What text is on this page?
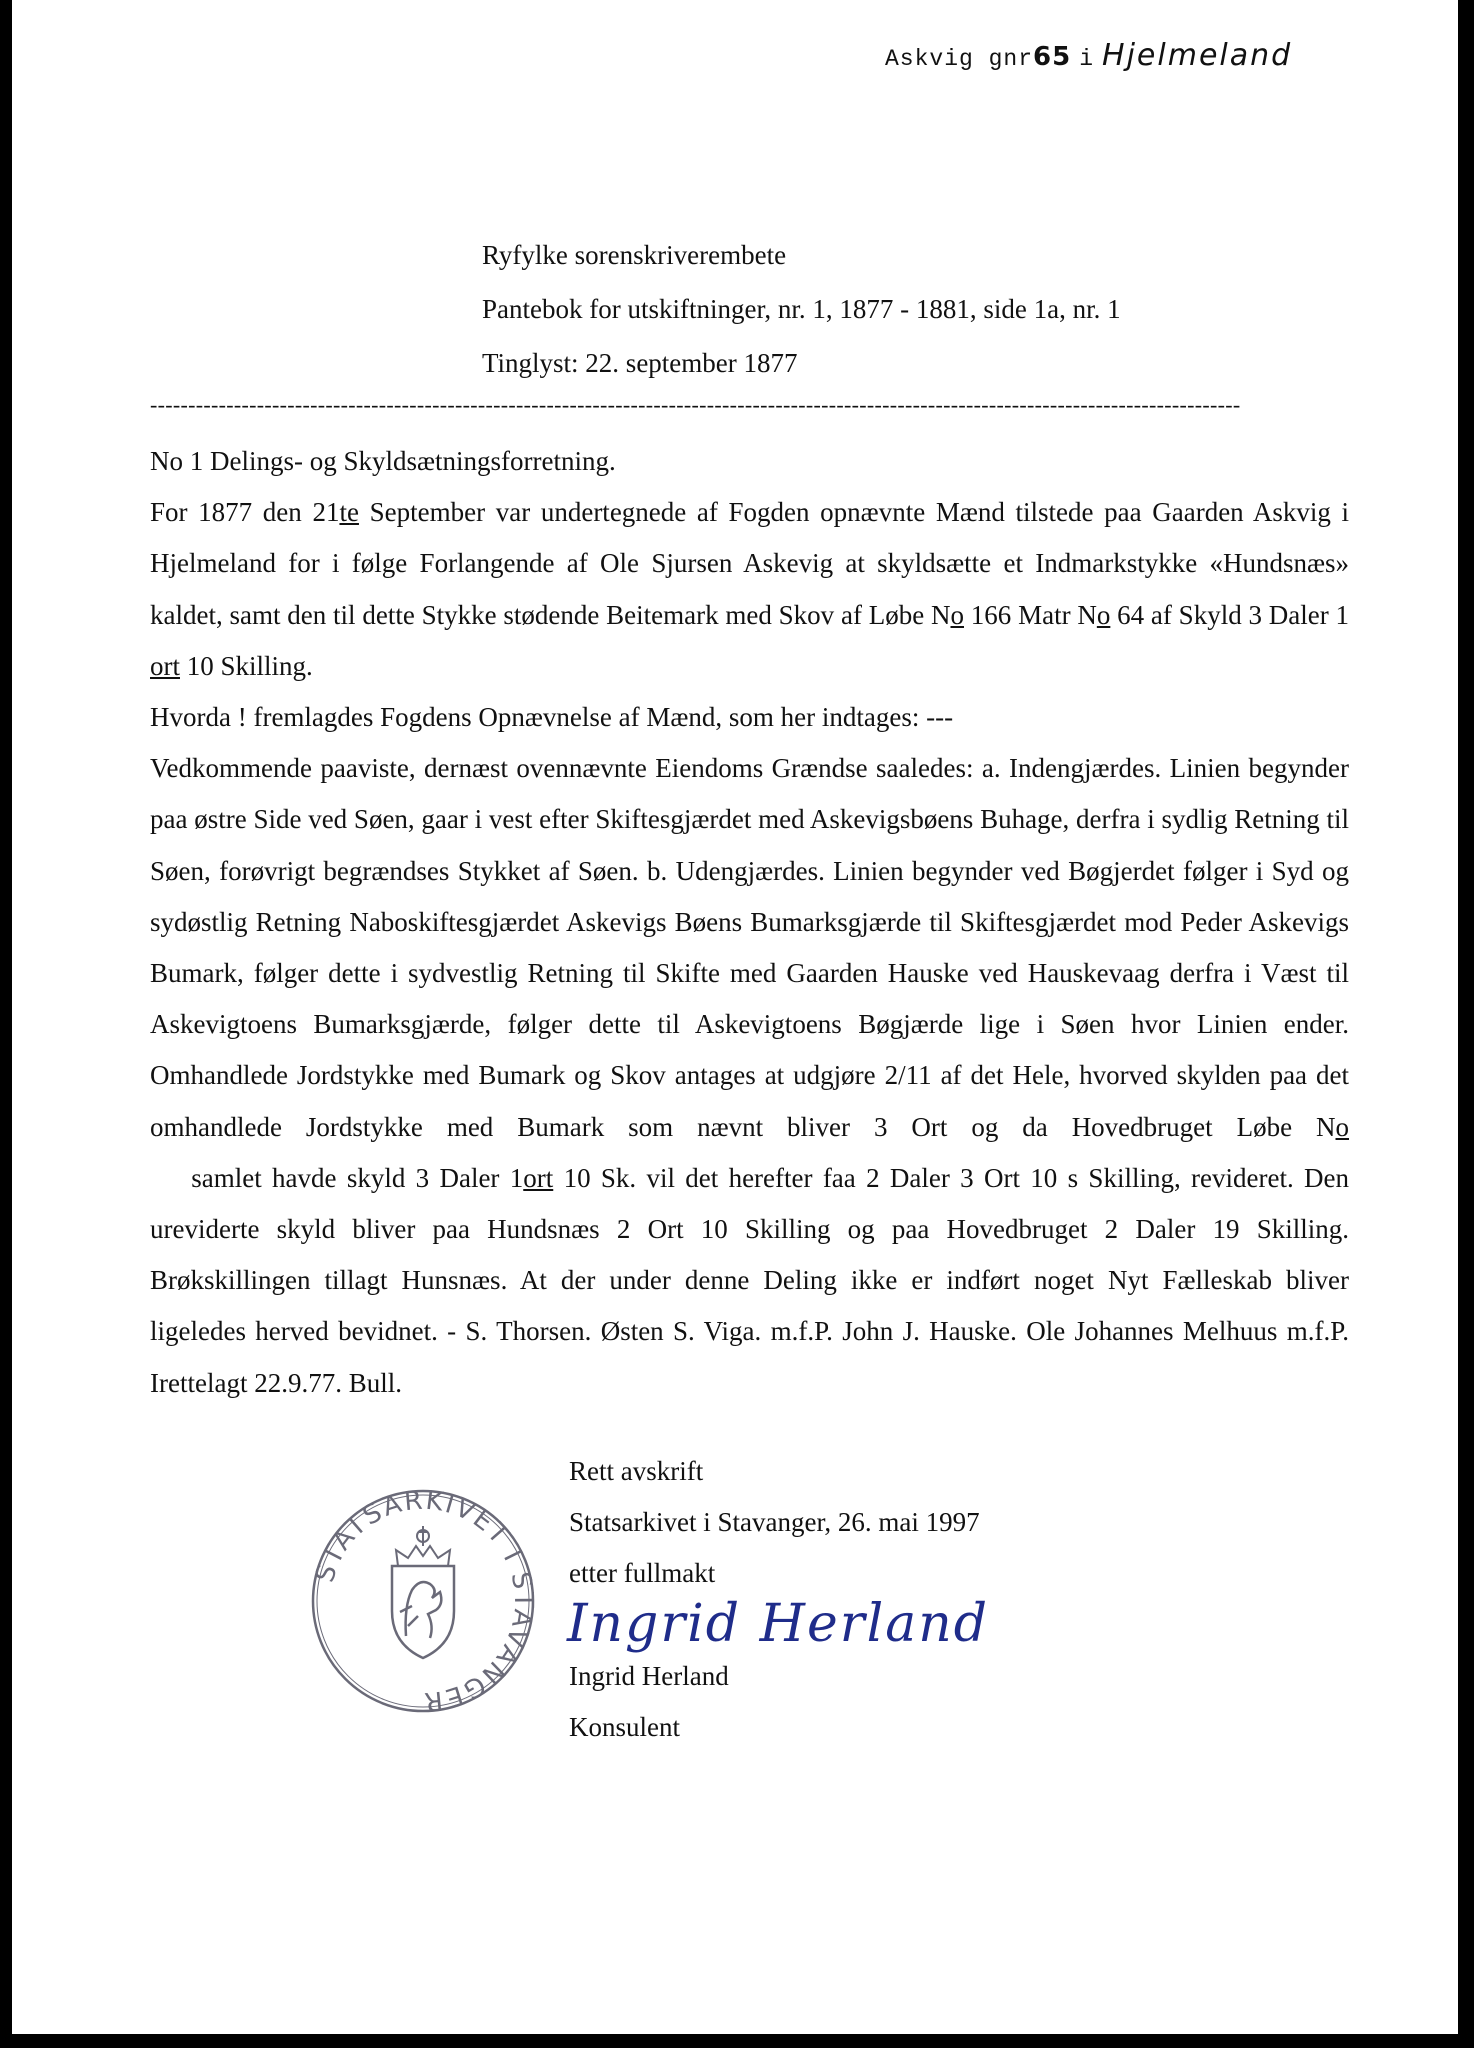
Askvig gnr65 i Hjelmeland
Ryfylke sorenskriverembete
Pantebok for utskiftninger, nr. 1, 1877 - 1881, side 1a, nr. 1
Tinglyst: 22. september 1877
-----------------------------------------------------------------------------------------------------------------------------------------------

No 1 Delings- og Skyldsætningsforretning.

For 1877 den 21te September var undertegnede af Fogden opnævnte Mænd tilstede paa Gaarden Askvig i Hjelmeland for i følge Forlangende af Ole Sjursen Askevig at skyldsætte et Indmarkstykke «Hundsnæs» kaldet, samt den til dette Stykke stødende Beitemark med Skov af Løbe No 166 Matr No 64 af Skyld 3 Daler 1 ort 10 Skilling.

Hvorda ! fremlagdes Fogdens Opnævnelse af Mænd, som her indtages: ---

Vedkommende paaviste, dernæst ovennævnte Eiendoms Grændse saaledes: a. Indengjærdes. Linien begynder paa østre Side ved Søen, gaar i vest efter Skiftesgjærdet med Askevigsbøens Buhage, derfra i sydlig Retning til Søen, forøvrigt begrændses Stykket af Søen. b. Udengjærdes. Linien begynder ved Bøgjerdet følger i Syd og sydøstlig Retning Naboskiftesgjærdet Askevigs Bøens Bumarksgjærde til Skiftesgjærdet mod Peder Askevigs Bumark, følger dette i sydvestlig Retning til Skifte med Gaarden Hauske ved Hauskevaag derfra i Væst til Askevigtoens Bumarksgjærde, følger dette til Askevigtoens Bøgjærde lige i Søen hvor Linien ender. Omhandlede Jordstykke med Bumark og Skov antages at udgjøre 2/11 af det Hele, hvorved skylden paa det omhandlede Jordstykke med Bumark som nævnt bliver 3 Ort og da Hovedbruget Løbe No    samlet havde skyld 3 Daler 1ort 10 Sk. vil det herefter faa 2 Daler 3 Ort 10 s Skilling, revideret. Den ureviderte skyld bliver paa Hundsnæs 2 Ort 10 Skilling og paa Hovedbruget 2 Daler 19 Skilling. Brøkskillingen tillagt Hunsnæs. At der under denne Deling ikke er indført noget Nyt Fælleskab bliver ligeledes herved bevidnet. - S. Thorsen. Østen S. Viga. m.f.P. John J. Hauske. Ole Johannes Melhuus m.f.P. Irettelagt 22.9.77. Bull.

STATSARKIVET I STAVANGER
Rett avskrift
Statsarkivet i Stavanger, 26. mai 1997
etter fullmakt
Ingrid Herland
Ingrid Herland
Konsulent
